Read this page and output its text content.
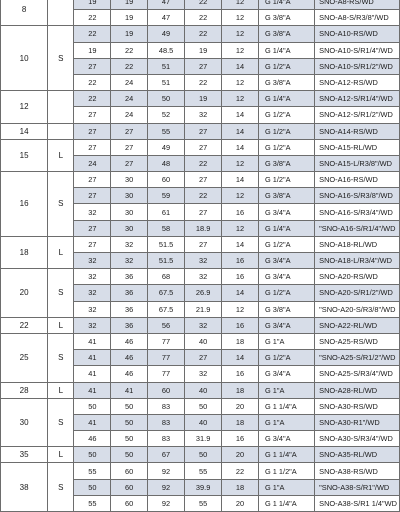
8		19	19	47	22	12	G 1/4"A	SNO-A8-RS/WD
		22	19	47	22	12	G 3/8"A	SNO-A8-S/R3/8"/WD
10	S	22	19	49	22	12	G 3/8"A	SNO-A10-RS/WD
		19	22	48.5	19	12	G 1/4"A	SNO-A10-S/R1/4"/WD
		27	22	51	27	14	G 1/2"A	SNO-A10-S/R1/2"/WD
		22	24	51	22	12	G 3/8"A	SNO-A12-RS/WD
12		22	24	50	19	12	G 1/4"A	SNO-A12-S/R1/4"/WD
		27	24	52	32	14	G 1/2"A	SNO-A12-S/R1/2"/WD
14		27	27	55	27	14	G 1/2"A	SNO-A14-RS/WD
15	L	27	27	49	27	14	G 1/2"A	SNO-A15-RL/WD
		24	27	48	22	12	G 3/8"A	SNO-A15-L/R3/8"/WD
16	S	27	30	60	27	14	G 1/2"A	SNO-A16-RS/WD
		27	30	59	22	12	G 3/8"A	SNO-A16-S/R3/8"/WD
		32	30	61	27	16	G 3/4"A	SNO-A16-S/R3/4"/WD
		27	30	58	18.9	12	G 1/4"A	"SNO-A16-S/R1/4"/WD
18	L	27	32	51.5	27	14	G 1/2"A	SNO-A18-RL/WD
		32	32	51.5	32	16	G 3/4"A	SNO-A18-L/R3/4"/WD
20	S	32	36	68	32	16	G 3/4"A	SNO-A20-RS/WD
		32	36	67.5	26.9	14	G 1/2"A	SNO-A20-S/R1/2"/WD
		32	36	67.5	21.9	12	G 3/8"A	"SNO-A20-S/R3/8"/WD
22	L	32	36	56	32	16	G 3/4"A	SNO-A22-RL/WD
25	S	41	46	77	40	18	G 1"A	SNO-A25-RS/WD
		41	46	77	27	14	G 1/2"A	"SNO-A25-S/R1/2"/WD
		41	46	77	32	16	G 3/4"A	SNO-A25-S/R3/4"/WD
28	L	41	41	60	40	18	G 1"A	SNO-A28-RL/WD
30	S	50	50	83	50	20	G 1 1/4"A	SNO-A30-RS/WD
		41	50	83	40	18	G 1"A	SNO-A30-R1"/WD
		46	50	83	31.9	16	G 3/4"A	SNO-A30-S/R3/4"/WD
35	L	50	50	67	50	20	G 1 1/4"A	SNO-A35-RL/WD
38	S	55	60	92	55	22	G 1 1/2"A	SNO-A38-RS/WD
		50	60	92	39.9	18	G 1"A	"SNO-A38-S/R1"/WD
		55	60	92	55	20	G 1 1/4"A	SNO-A38-S/R1 1/4"WD
